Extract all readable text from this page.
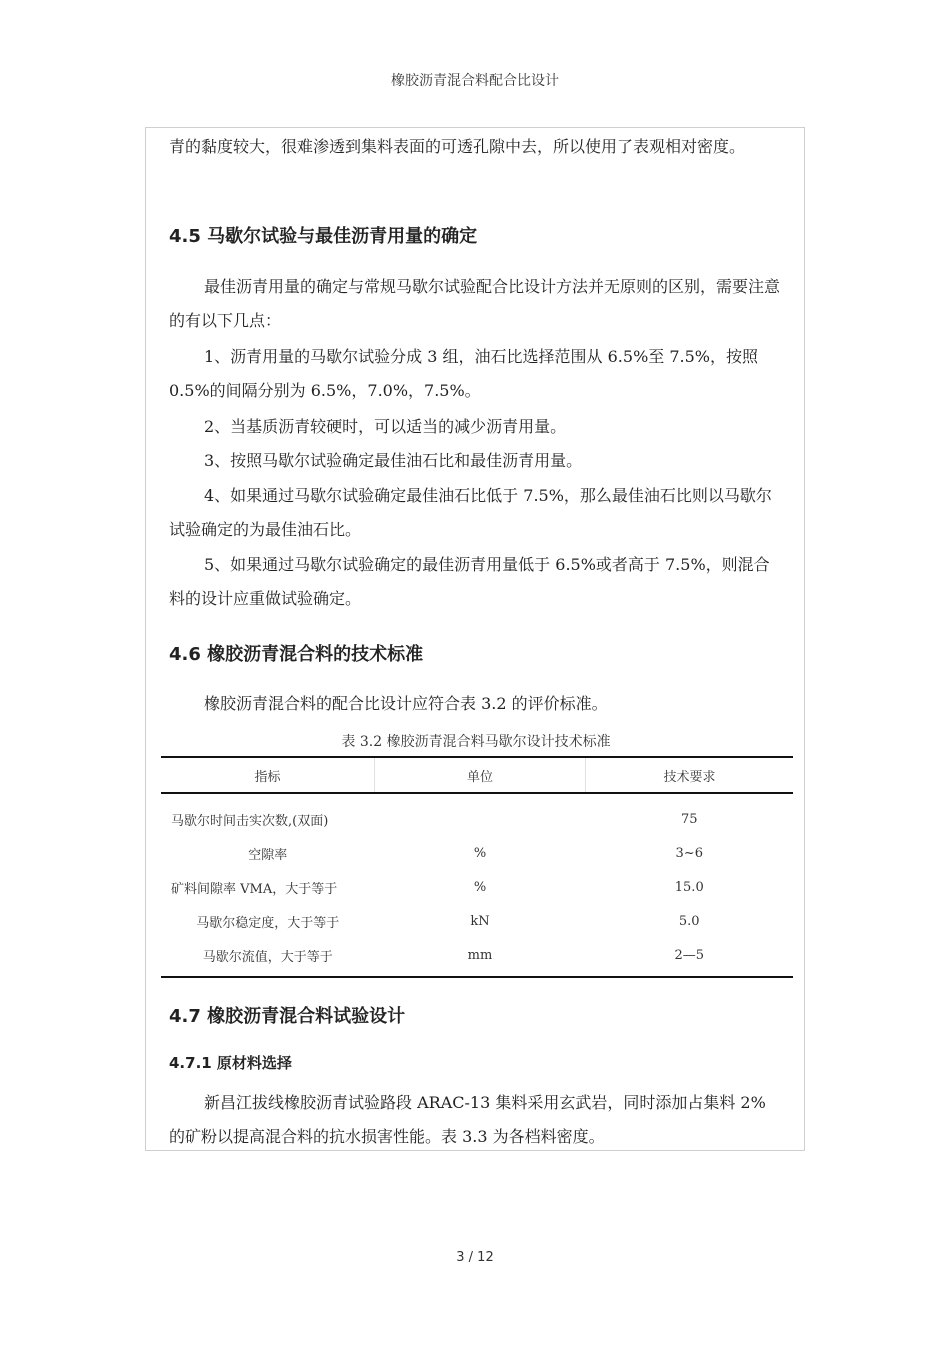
橡胶沥青混合料配合比设计
青的黏度较大，很难渗透到集料表面的可透孔隙中去，所以使用了表观相对密度。
4.5 马歇尔试验与最佳沥青用量的确定
最佳沥青用量的确定与常规马歇尔试验配合比设计方法并无原则的区别，需要注意的有以下几点：
1、沥青用量的马歇尔试验分成 3 组，油石比选择范围从 6.5%至 7.5%，按照 0.5%的间隔分别为 6.5%，7.0%，7.5%。
2、当基质沥青较硬时，可以适当的减少沥青用量。
3、按照马歇尔试验确定最佳油石比和最佳沥青用量。
4、如果通过马歇尔试验确定最佳油石比低于 7.5%，那么最佳油石比则以马歇尔试验确定的为最佳油石比。
5、如果通过马歇尔试验确定的最佳沥青用量低于 6.5%或者高于 7.5%，则混合料的设计应重做试验确定。
4.6 橡胶沥青混合料的技术标准
橡胶沥青混合料的配合比设计应符合表 3.2 的评价标准。
表 3.2 橡胶沥青混合料马歇尔设计技术标准
指标	单位	技术要求
马歇尔时间击实次数,(双面)		75
空隙率	%	3~6
矿料间隙率 VMA，大于等于	%	15.0
马歇尔稳定度，大于等于	kN	5.0
马歇尔流值，大于等于	mm	2—5
4.7 橡胶沥青混合料试验设计
4.7.1 原材料选择
新昌江拔线橡胶沥青试验路段 ARAC-13 集料采用玄武岩，同时添加占集料 2%的矿粉以提高混合料的抗水损害性能。表 3.3 为各档料密度。
3 / 12
